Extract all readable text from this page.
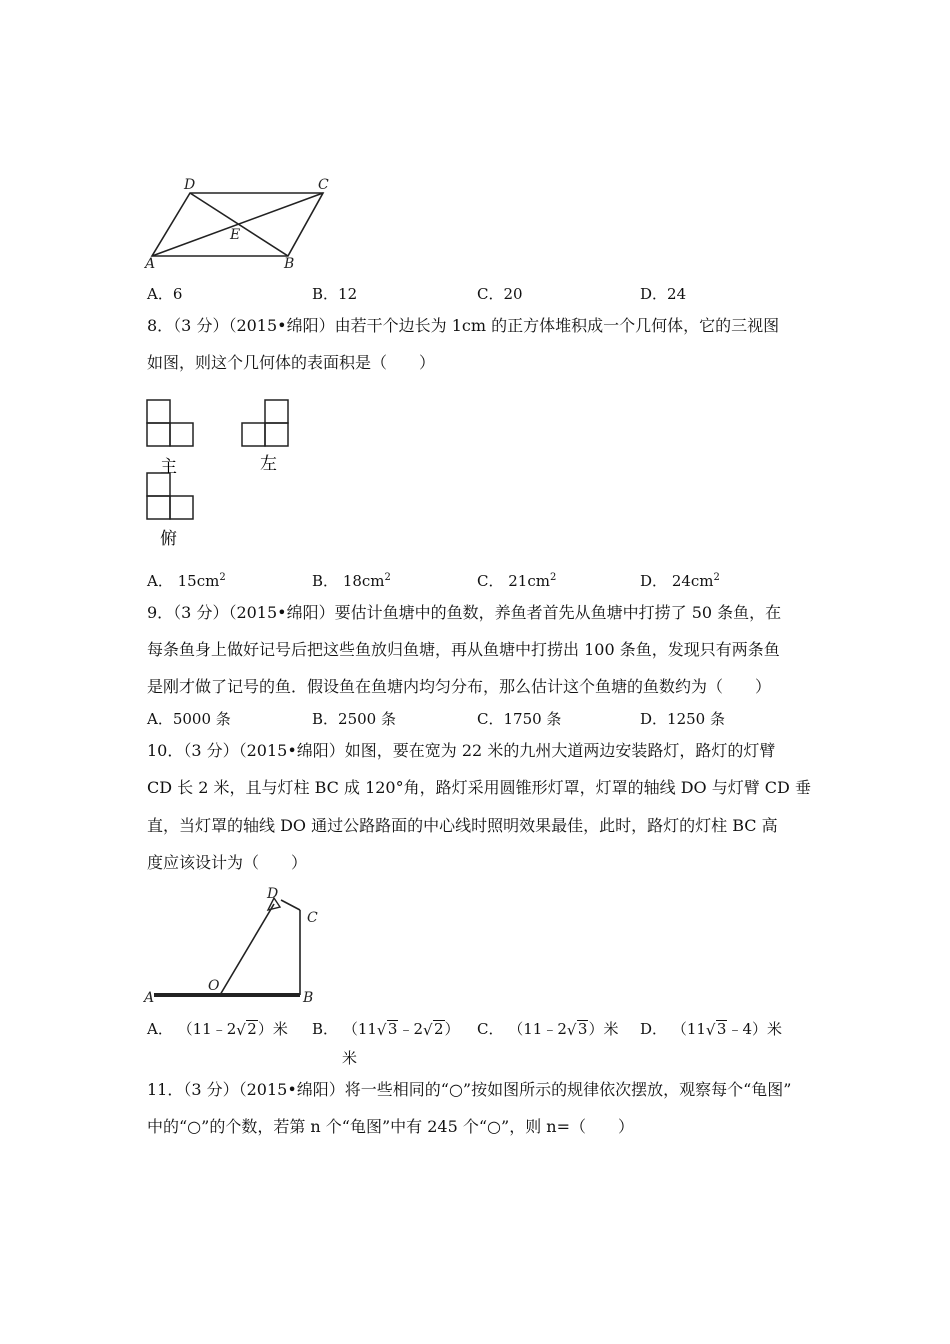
D	C
E
A	B
A．6	B．12	C．20	D．24
8．（3 分）（2015•绵阳）由若干个边长为 1cm 的正方体堆积成一个几何体，它的三视图
如图，则这个几何体的表面积是（　　）
主	左
俯
A． $15cm^2$	B． $18cm^2$	C． $21cm^2$	D． $24cm^2$
9．（3 分）（2015•绵阳）要估计鱼塘中的鱼数，养鱼者首先从鱼塘中打捞了 50 条鱼，在
每条鱼身上做好记号后把这些鱼放归鱼塘，再从鱼塘中打捞出 100 条鱼，发现只有两条鱼
是刚才做了记号的鱼．假设鱼在鱼塘内均匀分布，那么估计这个鱼塘的鱼数约为（　　）
A．5000 条	B．2500 条	C．1750 条	D．1250 条
10．（3 分）（2015•绵阳）如图，要在宽为 22 米的九州大道两边安装路灯，路灯的灯臂
CD 长 2 米，且与灯柱 BC 成 120°角，路灯采用圆锥形灯罩，灯罩的轴线 DO 与灯臂 CD 垂
直，当灯罩的轴线 DO 通过公路路面的中心线时照明效果最佳，此时，路灯的灯柱 BC 高
度应该设计为（　　）
D
C
O
A	B
A． （11﹣2 √ 2）米 B． （11 √ 3﹣2 √ 2）
米
C． （11﹣2 √ 3）米 D． （11 √ 3﹣4）米
11．（3 分）（2015•绵阳）将一些相同的“○”按如图所示的规律依次摆放，观察每个“龟图”
中的“○”的个数，若第 n 个“龟图”中有 245 个“○”，则 n=（　　）
